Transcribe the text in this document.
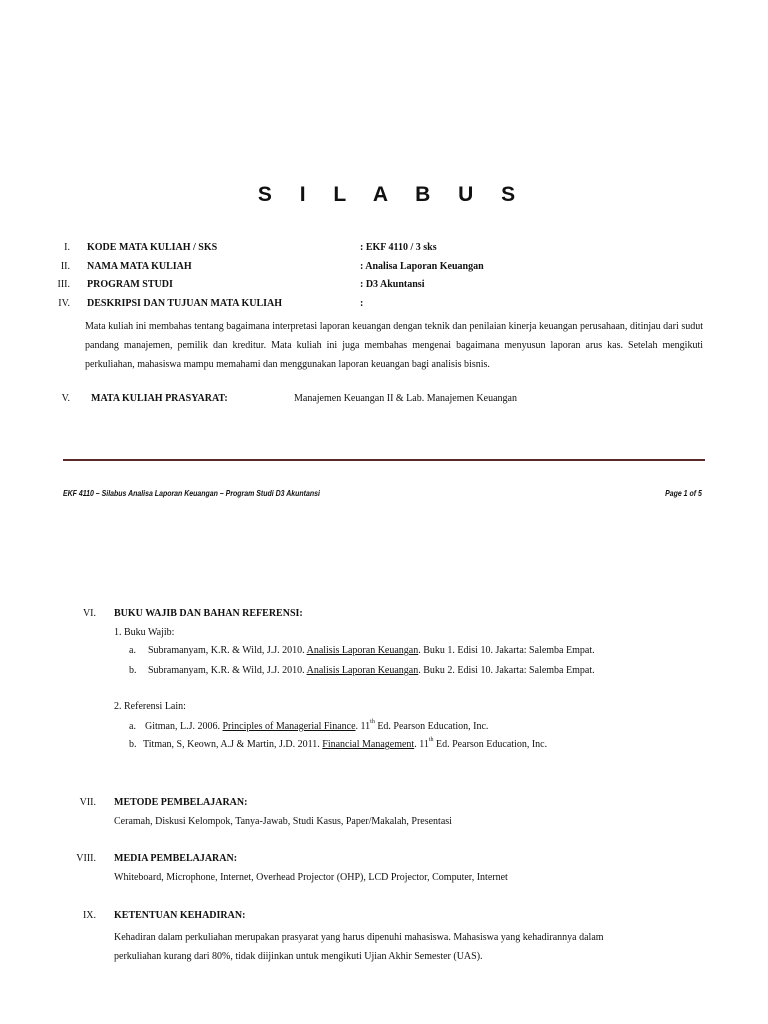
S I L A B U S
I. KODE MATA KULIAH / SKS	: EKF 4110 / 3 sks
II. NAMA MATA KULIAH	: Analisa Laporan Keuangan
III. PROGRAM STUDI	: D3 Akuntansi
IV. DESKRIPSI DAN TUJUAN MATA KULIAH	:
Mata kuliah ini membahas tentang bagaimana interpretasi laporan keuangan dengan teknik dan penilaian kinerja keuangan perusahaan, ditinjau dari sudut pandang manajemen, pemilik dan kreditur. Mata kuliah ini juga membahas mengenai bagaimana menyusun laporan arus kas. Setelah mengikuti perkuliahan, mahasiswa mampu memahami dan menggunakan laporan keuangan bagi analisis bisnis.
V. MATA KULIAH PRASYARAT:	Manajemen Keuangan II & Lab. Manajemen Keuangan
EKF 4110 – Silabus Analisa Laporan Keuangan – Program Studi D3 Akuntansi	Page 1 of 5
VI. BUKU WAJIB DAN BAHAN REFERENSI:
1. Buku Wajib:
a. Subramanyam, K.R. & Wild, J.J. 2010. Analisis Laporan Keuangan. Buku 1. Edisi 10. Jakarta: Salemba Empat.
b. Subramanyam, K.R. & Wild, J.J. 2010. Analisis Laporan Keuangan. Buku 2. Edisi 10. Jakarta: Salemba Empat.
2. Referensi Lain:
a. Gitman, L.J. 2006. Principles of Managerial Finance. 11th Ed. Pearson Education, Inc.
b. Titman, S, Keown, A.J & Martin, J.D. 2011. Financial Management. 11th Ed. Pearson Education, Inc.
VII. METODE PEMBELAJARAN:
Ceramah, Diskusi Kelompok, Tanya-Jawab, Studi Kasus, Paper/Makalah, Presentasi
VIII. MEDIA PEMBELAJARAN:
Whiteboard, Microphone, Internet, Overhead Projector (OHP), LCD Projector, Computer, Internet
IX. KETENTUAN KEHADIRAN:
Kehadiran dalam perkuliahan merupakan prasyarat yang harus dipenuhi mahasiswa. Mahasiswa yang kehadirannya dalam perkuliahan kurang dari 80%, tidak diijinkan untuk mengikuti Ujian Akhir Semester (UAS).
